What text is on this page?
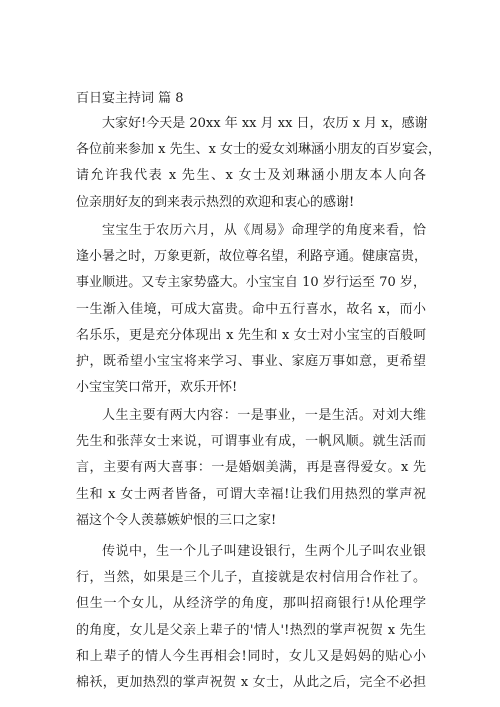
百日宴主持词 篇 8
大家好!今天是 20xx 年 xx 月 xx 日，农历 x 月 x，感谢
各位前来参加 x 先生、x 女士的爱女刘琳涵小朋友的百岁宴会，
请允许我代表 x 先生、x 女士及刘琳涵小朋友本人向各
位亲朋好友的到来表示热烈的欢迎和衷心的感谢!
宝宝生于农历六月，从《周易》命理学的角度来看，恰
逢小暑之时，万象更新，故位尊名望，利路亨通。健康富贵，
事业顺进。又专主家势盛大。小宝宝自 10 岁行运至 70 岁，
一生渐入佳境，可成大富贵。命中五行喜水，故名 x，而小
名乐乐，更是充分体现出 x 先生和 x 女士对小宝宝的百般呵
护，既希望小宝宝将来学习、事业、家庭万事如意，更希望
小宝宝笑口常开，欢乐开怀!
人生主要有两大内容：一是事业，一是生活。对刘大维
先生和张萍女士来说，可谓事业有成，一帆风顺。就生活而
言，主要有两大喜事：一是婚姻美满，再是喜得爱女。x 先
生和 x 女士两者皆备，可谓大幸福!让我们用热烈的掌声祝
福这个令人羡慕嫉妒恨的三口之家!
传说中，生一个儿子叫建设银行，生两个儿子叫农业银
行，当然，如果是三个儿子，直接就是农村信用合作社了。
但生一个女儿，从经济学的角度，那叫招商银行!从伦理学
的角度，女儿是父亲上辈子的'情人'!热烈的掌声祝贺 x 先生
和上辈子的情人今生再相会!同时，女儿又是妈妈的贴心小
棉袄，更加热烈的掌声祝贺 x 女士，从此之后，完全不必担
